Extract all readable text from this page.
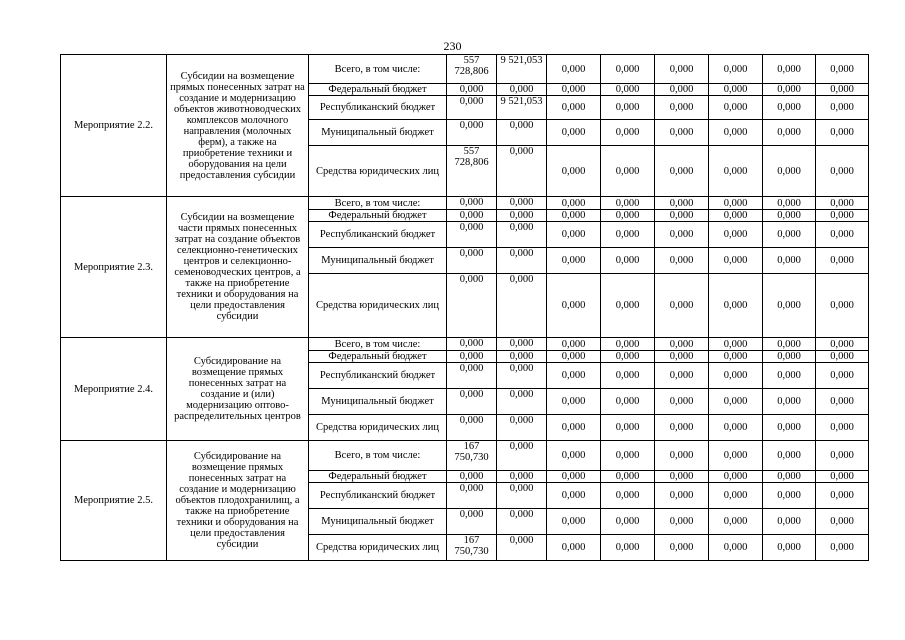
230
Мероприятие 2.2.	Субсидии на возмещение прямых понесенных затрат на создание и модернизацию объектов животноводческих комплексов молочного направления (молочных ферм), а также на приобретение техники и оборудования на цели предоставления субсидии	Всего, в том числе:	557 728,806	9 521,053	0,000	0,000	0,000	0,000	0,000	0,000
		Федеральный бюджет	0,000	0,000	0,000	0,000	0,000	0,000	0,000	0,000
		Республиканский бюджет	0,000	9 521,053	0,000	0,000	0,000	0,000	0,000	0,000
		Муниципальный бюджет	0,000	0,000	0,000	0,000	0,000	0,000	0,000	0,000
		Средства юридических лиц	557 728,806	0,000	0,000	0,000	0,000	0,000	0,000	0,000
Мероприятие 2.3.	Субсидии на возмещение части прямых понесенных затрат на создание объектов селекционно-генетических центров и селекционно-семеноводческих центров, а также на приобретение техники и оборудования на цели предоставления субсидии	Всего, в том числе:	0,000	0,000	0,000	0,000	0,000	0,000	0,000	0,000
		Федеральный бюджет	0,000	0,000	0,000	0,000	0,000	0,000	0,000	0,000
		Республиканский бюджет	0,000	0,000	0,000	0,000	0,000	0,000	0,000	0,000
		Муниципальный бюджет	0,000	0,000	0,000	0,000	0,000	0,000	0,000	0,000
		Средства юридических лиц	0,000	0,000	0,000	0,000	0,000	0,000	0,000	0,000
Мероприятие 2.4.	Субсидирование на возмещение прямых понесенных затрат на создание и (или) модернизацию оптово-распределительных центров	Всего, в том числе:	0,000	0,000	0,000	0,000	0,000	0,000	0,000	0,000
		Федеральный бюджет	0,000	0,000	0,000	0,000	0,000	0,000	0,000	0,000
		Республиканский бюджет	0,000	0,000	0,000	0,000	0,000	0,000	0,000	0,000
		Муниципальный бюджет	0,000	0,000	0,000	0,000	0,000	0,000	0,000	0,000
		Средства юридических лиц	0,000	0,000	0,000	0,000	0,000	0,000	0,000	0,000
Мероприятие 2.5.	Субсидирование на возмещение прямых понесенных затрат на создание и модернизацию объектов плодохранилищ, а также на приобретение техники и оборудования на цели предоставления субсидии	Всего, в том числе:	167 750,730	0,000	0,000	0,000	0,000	0,000	0,000	0,000
		Федеральный бюджет	0,000	0,000	0,000	0,000	0,000	0,000	0,000	0,000
		Республиканский бюджет	0,000	0,000	0,000	0,000	0,000	0,000	0,000	0,000
		Муниципальный бюджет	0,000	0,000	0,000	0,000	0,000	0,000	0,000	0,000
		Средства юридических лиц	167 750,730	0,000	0,000	0,000	0,000	0,000	0,000	0,000
